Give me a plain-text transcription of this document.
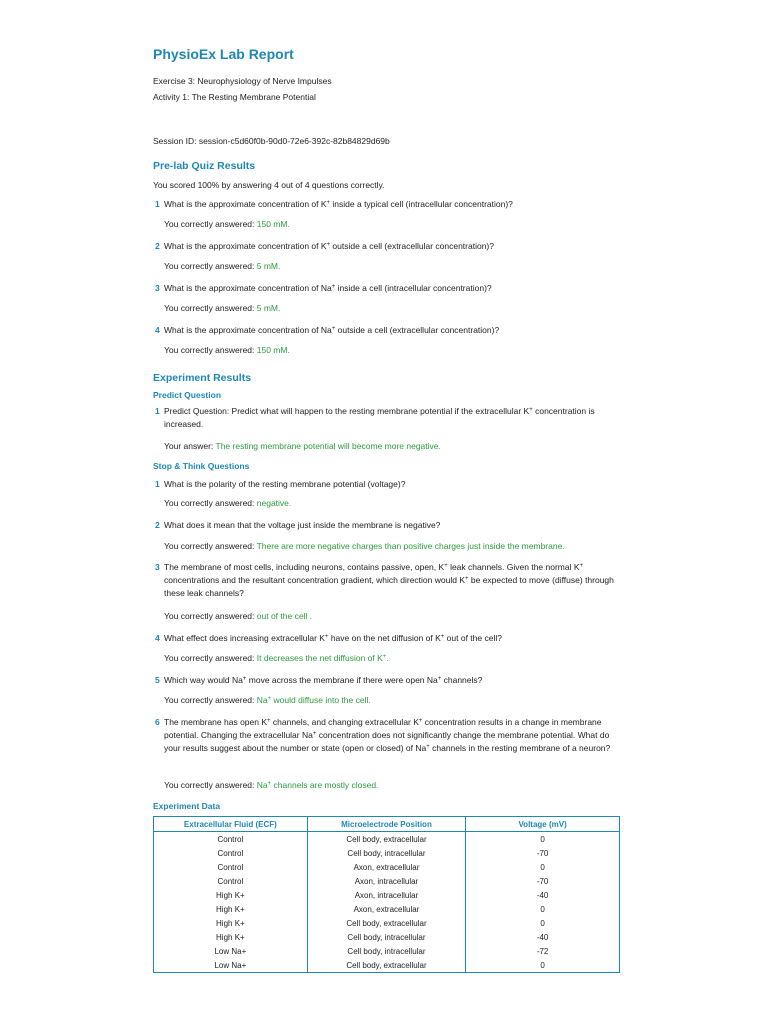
PhysioEx Lab Report
Exercise 3: Neurophysiology of Nerve Impulses
Activity 1: The Resting Membrane Potential
Session ID: session-c5d60f0b-90d0-72e6-392c-82b84829d69b
Pre-lab Quiz Results
You scored 100% by answering 4 out of 4 questions correctly.
1 What is the approximate concentration of K+ inside a typical cell (intracellular concentration)?
You correctly answered: 150 mM.
2 What is the approximate concentration of K+ outside a cell (extracellular concentration)?
You correctly answered: 5 mM.
3 What is the approximate concentration of Na+ inside a cell (intracellular concentration)?
You correctly answered: 5 mM.
4 What is the approximate concentration of Na+ outside a cell (extracellular concentration)?
You correctly answered: 150 mM.
Experiment Results
Predict Question
1 Predict Question: Predict what will happen to the resting membrane potential if the extracellular K+ concentration is increased.
Your answer: The resting membrane potential will become more negative.
Stop & Think Questions
1 What is the polarity of the resting membrane potential (voltage)?
You correctly answered: negative.
2 What does it mean that the voltage just inside the membrane is negative?
You correctly answered: There are more negative charges than positive charges just inside the membrane.
3 The membrane of most cells, including neurons, contains passive, open, K+ leak channels. Given the normal K+ concentrations and the resultant concentration gradient, which direction would K+ be expected to move (diffuse) through these leak channels?
You correctly answered: out of the cell .
4 What effect does increasing extracellular K+ have on the net diffusion of K+ out of the cell?
You correctly answered: It decreases the net diffusion of K+.
5 Which way would Na+ move across the membrane if there were open Na+ channels?
You correctly answered: Na+ would diffuse into the cell.
6 The membrane has open K+ channels, and changing extracellular K+ concentration results in a change in membrane potential. Changing the extracellular Na+ concentration does not significantly change the membrane potential. What do your results suggest about the number or state (open or closed) of Na+ channels in the resting membrane of a neuron?
You correctly answered: Na+ channels are mostly closed.
Experiment Data
Extracellular Fluid (ECF)	Microelectrode Position	Voltage (mV)
Control	Cell body, extracellular	0
Control	Cell body, intracellular	-70
Control	Axon, extracellular	0
Control	Axon, intracellular	-70
High K+	Axon, intracellular	-40
High K+	Axon, extracellular	0
High K+	Cell body, extracellular	0
High K+	Cell body, intracellular	-40
Low Na+	Cell body, intracellular	-72
Low Na+	Cell body, extracellular	0
